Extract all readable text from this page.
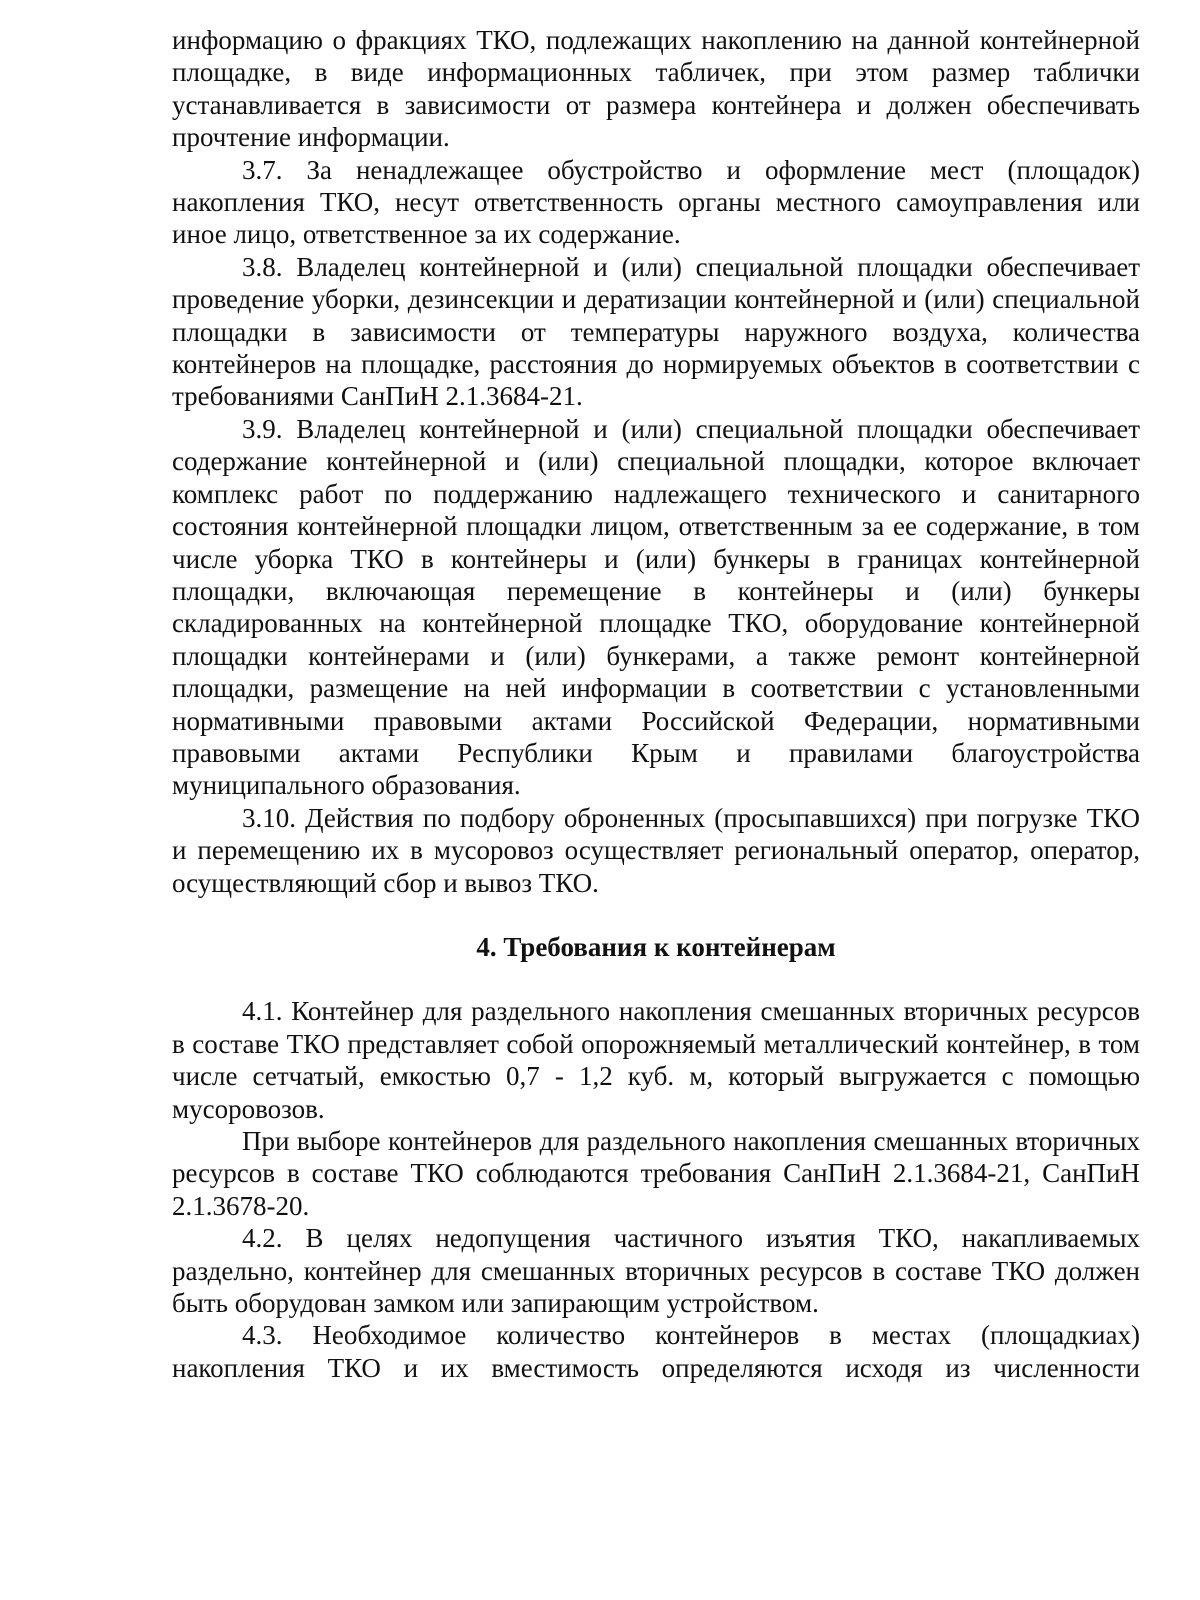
информацию о фракциях ТКО, подлежащих накоплению на данной контейнерной площадке, в виде информационных табличек, при этом размер таблички устанавливается в зависимости от размера контейнера и должен обеспечивать прочтение информации.

3.7. За ненадлежащее обустройство и оформление мест (площадок) накопления ТКО, несут ответственность органы местного самоуправления или иное лицо, ответственное за их содержание.

3.8. Владелец контейнерной и (или) специальной площадки обеспечивает проведение уборки, дезинсекции и дератизации контейнерной и (или) специальной площадки в зависимости от температуры наружного воздуха, количества контейнеров на площадке, расстояния до нормируемых объектов в соответствии с требованиями СанПиН 2.1.3684-21.

3.9. Владелец контейнерной и (или) специальной площадки обеспечивает содержание контейнерной и (или) специальной площадки, которое включает комплекс работ по поддержанию надлежащего технического и санитарного состояния контейнерной площадки лицом, ответственным за ее содержание, в том числе уборка ТКО в контейнеры и (или) бункеры в границах контейнерной площадки, включающая перемещение в контейнеры и (или) бункеры складированных на контейнерной площадке ТКО, оборудование контейнерной площадки контейнерами и (или) бункерами, а также ремонт контейнерной площадки, размещение на ней информации в соответствии с установленными нормативными правовыми актами Российской Федерации, нормативными правовыми актами Республики Крым и правилами благоустройства муниципального образования.

3.10. Действия по подбору оброненных (просыпавшихся) при погрузке ТКО и перемещению их в мусоровоз осуществляет региональный оператор, оператор, осуществляющий сбор и вывоз ТКО.

4. Требования к контейнерам

4.1. Контейнер для раздельного накопления смешанных вторичных ресурсов в составе ТКО представляет собой опорожняемый металлический контейнер, в том числе сетчатый, емкостью 0,7 - 1,2 куб. м, который выгружается с помощью мусоровозов.

При выборе контейнеров для раздельного накопления смешанных вторичных ресурсов в составе ТКО соблюдаются требования СанПиН 2.1.3684-21, СанПиН 2.1.3678-20.

4.2. В целях недопущения частичного изъятия ТКО, накапливаемых раздельно, контейнер для смешанных вторичных ресурсов в составе ТКО должен быть оборудован замком или запирающим устройством.

4.3. Необходимое количество контейнеров в местах (площадкиах) накопления ТКО и их вместимость определяются исходя из численности
